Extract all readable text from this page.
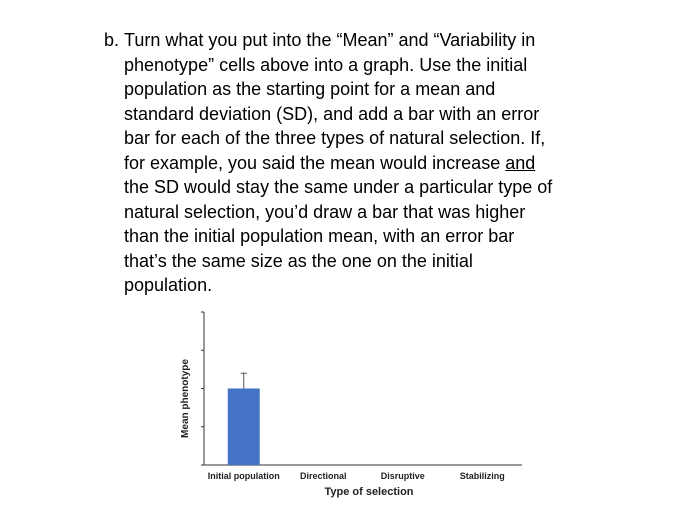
b. Turn what you put into the “Mean” and “Variability in

phenotype” cells above into a graph. Use the initial

population as the starting point for a mean and

standard deviation (SD), and add a bar with an error

bar for each of the three types of natural selection. If,

for example, you said the mean would increase and

the SD would stay the same under a particular type of

natural selection, you’d draw a bar that was higher

than the initial population mean, with an error bar

that’s the same size as the one on the initial

population.

Initial population Directional	Disruptive	Stabilizing
Type of selection
Mean phenotype
